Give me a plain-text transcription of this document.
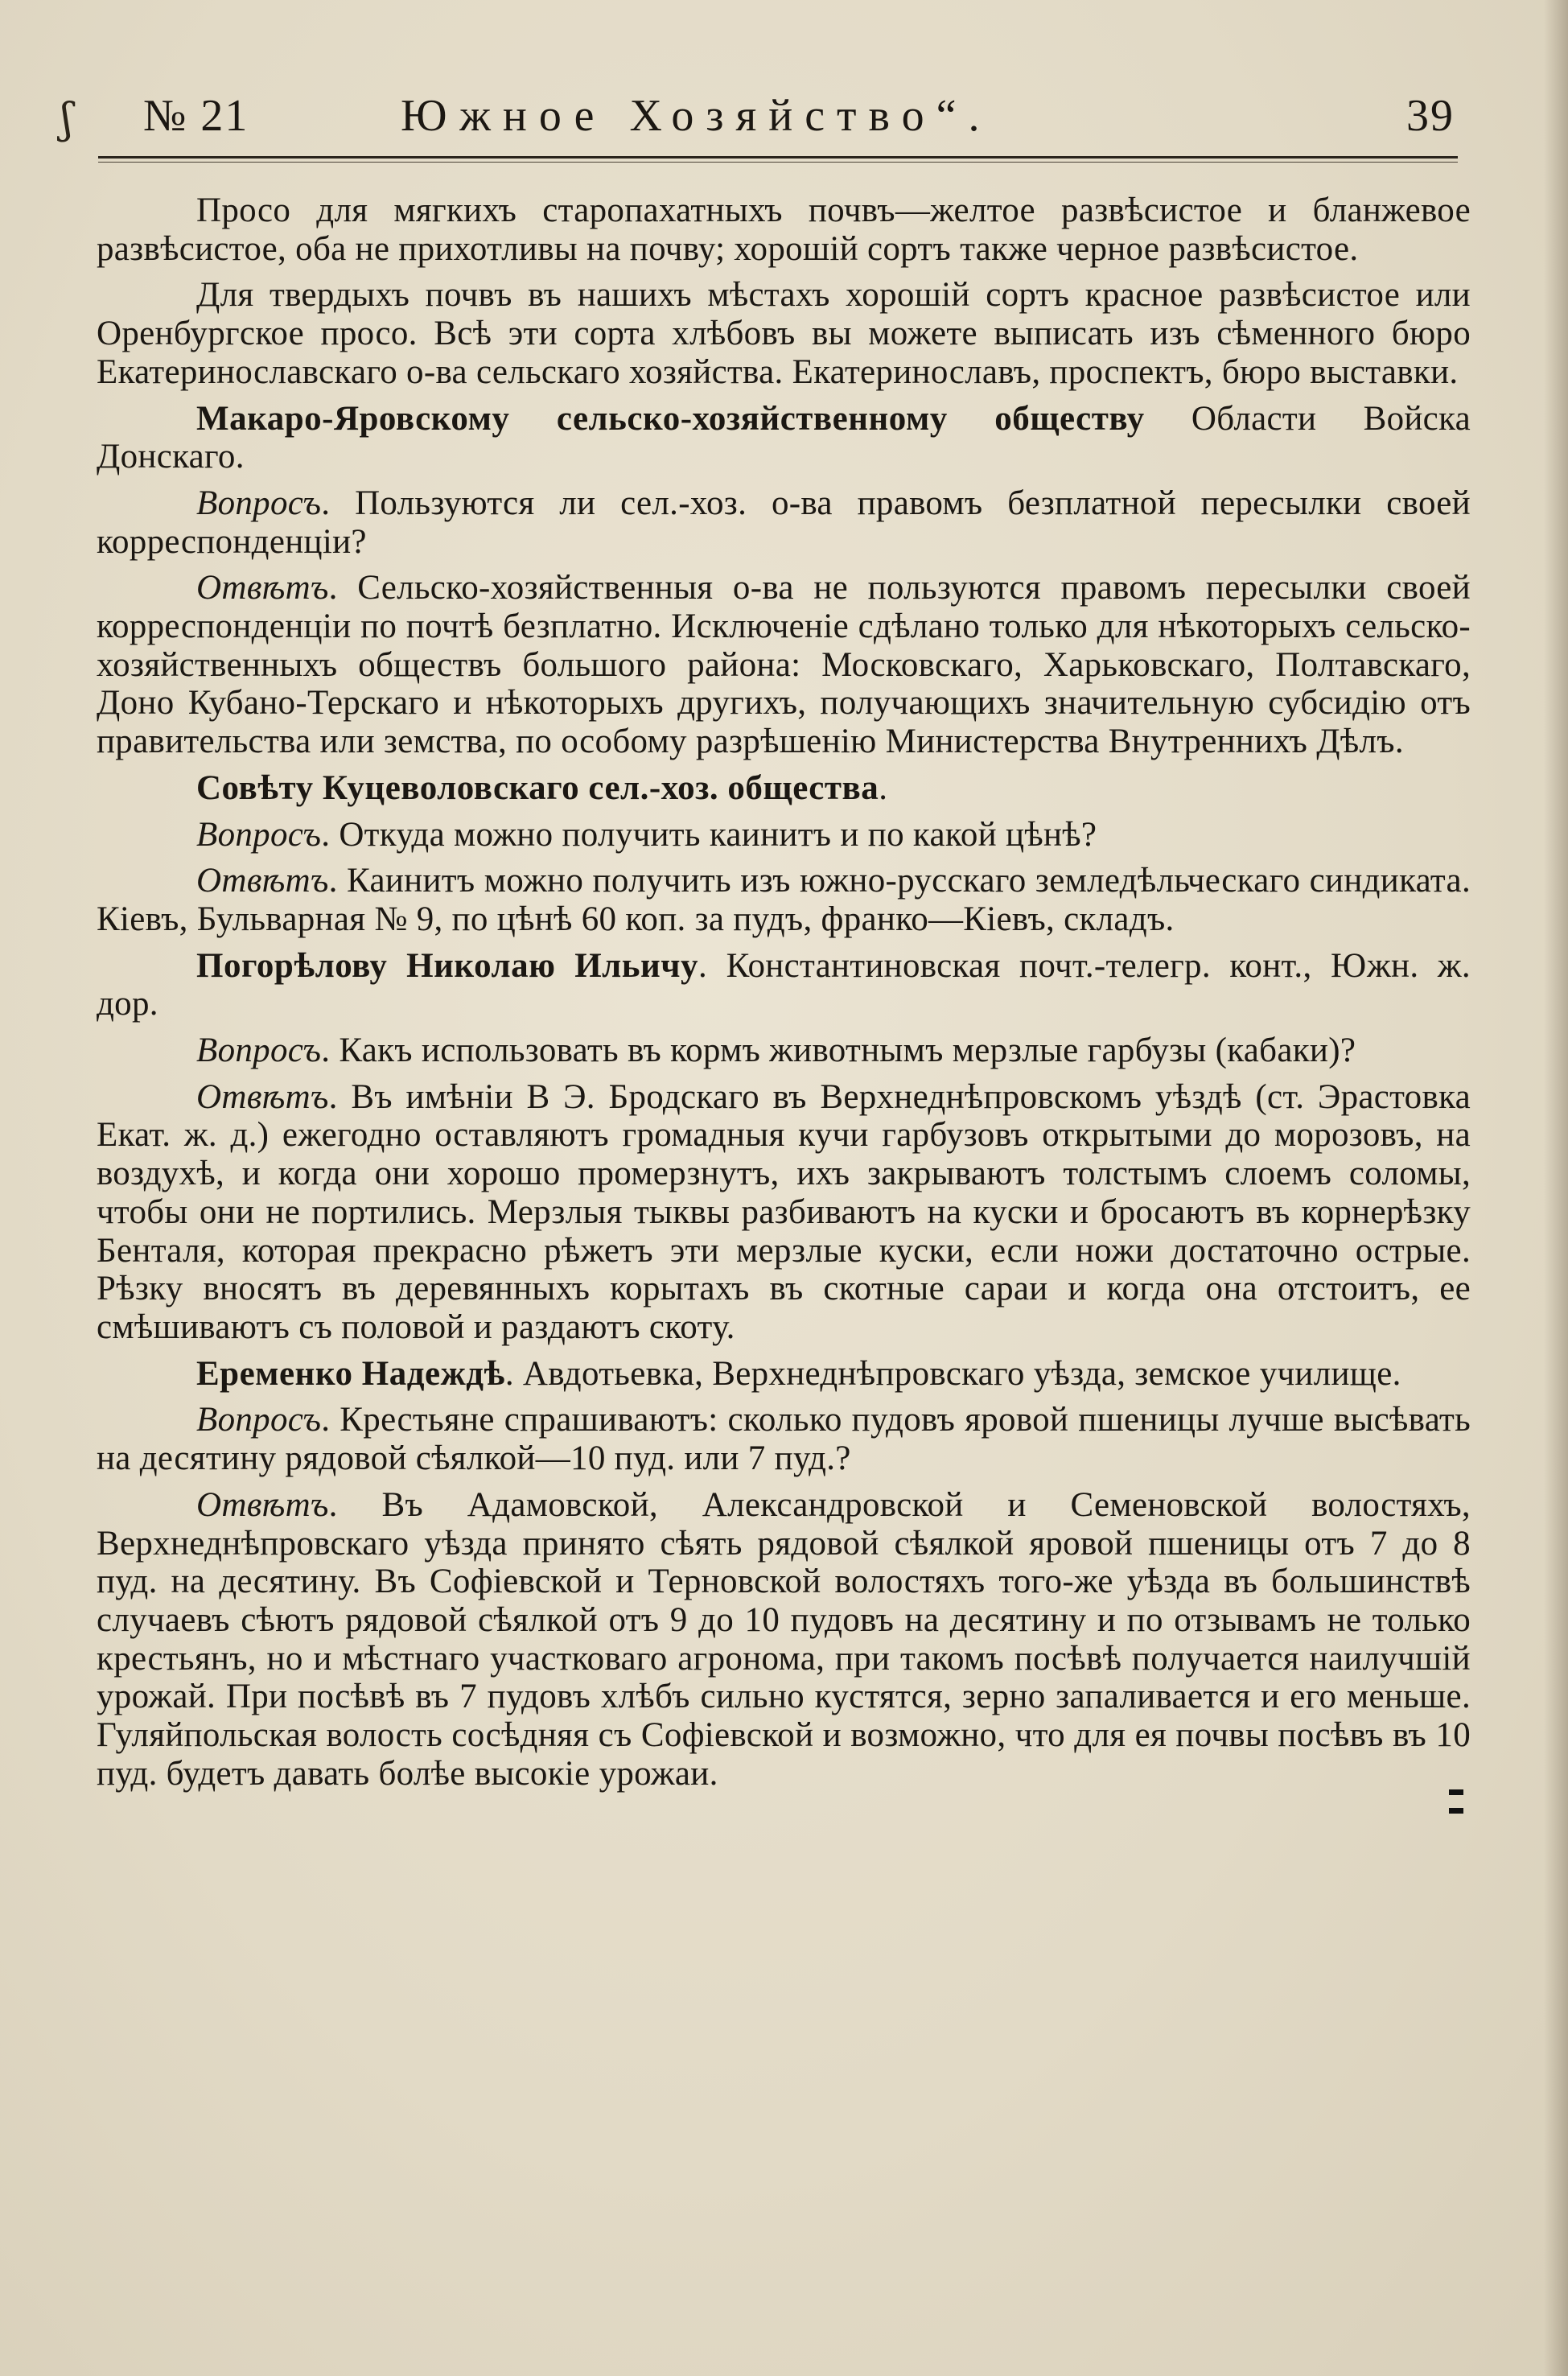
ʃ № 21	Южное Хозяйство“.	39

Просо для мягкихъ старопахатныхъ почвъ—желтое развѣсистое и бланжевое развѣсистое, оба не прихотливы на почву; хорошій сортъ также черное развѣсистое.

Для твердыхъ почвъ въ нашихъ мѣстахъ хорошій сортъ красное развѣсистое или Оренбургское просо. Всѣ эти сорта хлѣбовъ вы можете выписать изъ сѣменного бюро Екатеринославскаго о-ва сельскаго хозяйства. Екатеринославъ, проспектъ, бюро выставки.

Макаро-Яровскому сельско-хозяйственному обществу Области Войска Донскаго.

Вопросъ. Пользуются ли сел.-хоз. о-ва правомъ безплатной пересылки своей корреспонденціи?

Отвѣтъ. Сельско-хозяйственныя о-ва не пользуются правомъ пересылки своей корреспонденціи по почтѣ безплатно. Исключеніе сдѣлано только для нѣкоторыхъ сельско-хозяйственныхъ обществъ большого района: Московскаго, Харьковскаго, Полтавскаго, Доно Кубано-Терскаго и нѣкоторыхъ другихъ, получающихъ значительную субсидію отъ правительства или земства, по особому разрѣшенію Министерства Внутреннихъ Дѣлъ.

Совѣту Куцеволовскаго сел.-хоз. общества.

Вопросъ. Откуда можно получить каинитъ и по какой цѣнѣ?

Отвѣтъ. Каинитъ можно получить изъ южно-русскаго земледѣльческаго синдиката. Кіевъ, Бульварная № 9, по цѣнѣ 60 коп. за пудъ, франко—Кіевъ, складъ.

Погорѣлову Николаю Ильичу. Константиновская почт.-телегр. конт., Южн. ж. дор.

Вопросъ. Какъ использовать въ кормъ животнымъ мерзлые гарбузы (кабаки)?

Отвѣтъ. Въ имѣніи В Э. Бродскаго въ Верхнеднѣпровскомъ уѣздѣ (ст. Эрастовка Екат. ж. д.) ежегодно оставляютъ громадныя кучи гарбузовъ открытыми до морозовъ, на воздухѣ, и когда они хорошо промерзнутъ, ихъ закрываютъ толстымъ слоемъ соломы, чтобы они не портились. Мерзлыя тыквы разбиваютъ на куски и бросаютъ въ корнерѣзку Бенталя, которая прекрасно рѣжетъ эти мерзлые куски, если ножи достаточно острые. Рѣзку вносятъ въ деревянныхъ корытахъ въ скотные сараи и когда она отстоитъ, ее смѣшиваютъ съ половой и раздаютъ скоту.

Еременко Надеждѣ. Авдотьевка, Верхнеднѣпровскаго уѣзда, земское училище.

Вопросъ. Крестьяне спрашиваютъ: сколько пудовъ яровой пшеницы лучше высѣвать на десятину рядовой сѣялкой—10 пуд. или 7 пуд.?

Отвѣтъ. Въ Адамовской, Александровской и Семеновской волостяхъ, Верхнеднѣпровскаго уѣзда принято сѣять рядовой сѣялкой яровой пшеницы отъ 7 до 8 пуд. на десятину. Въ Софіевской и Терновской волостяхъ того-же уѣзда въ большинствѣ случаевъ сѣютъ рядовой сѣялкой отъ 9 до 10 пудовъ на десятину и по отзывамъ не только крестьянъ, но и мѣстнаго участковаго агронома, при такомъ посѣвѣ получается наилучшій урожай. При посѣвѣ въ 7 пудовъ хлѣбъ сильно кустятся, зерно запаливается и его меньше. Гуляйпольская волость сосѣдняя съ Софіевской и возможно, что для ея почвы посѣвъ въ 10 пуд. будетъ давать болѣе высокіе урожаи.
